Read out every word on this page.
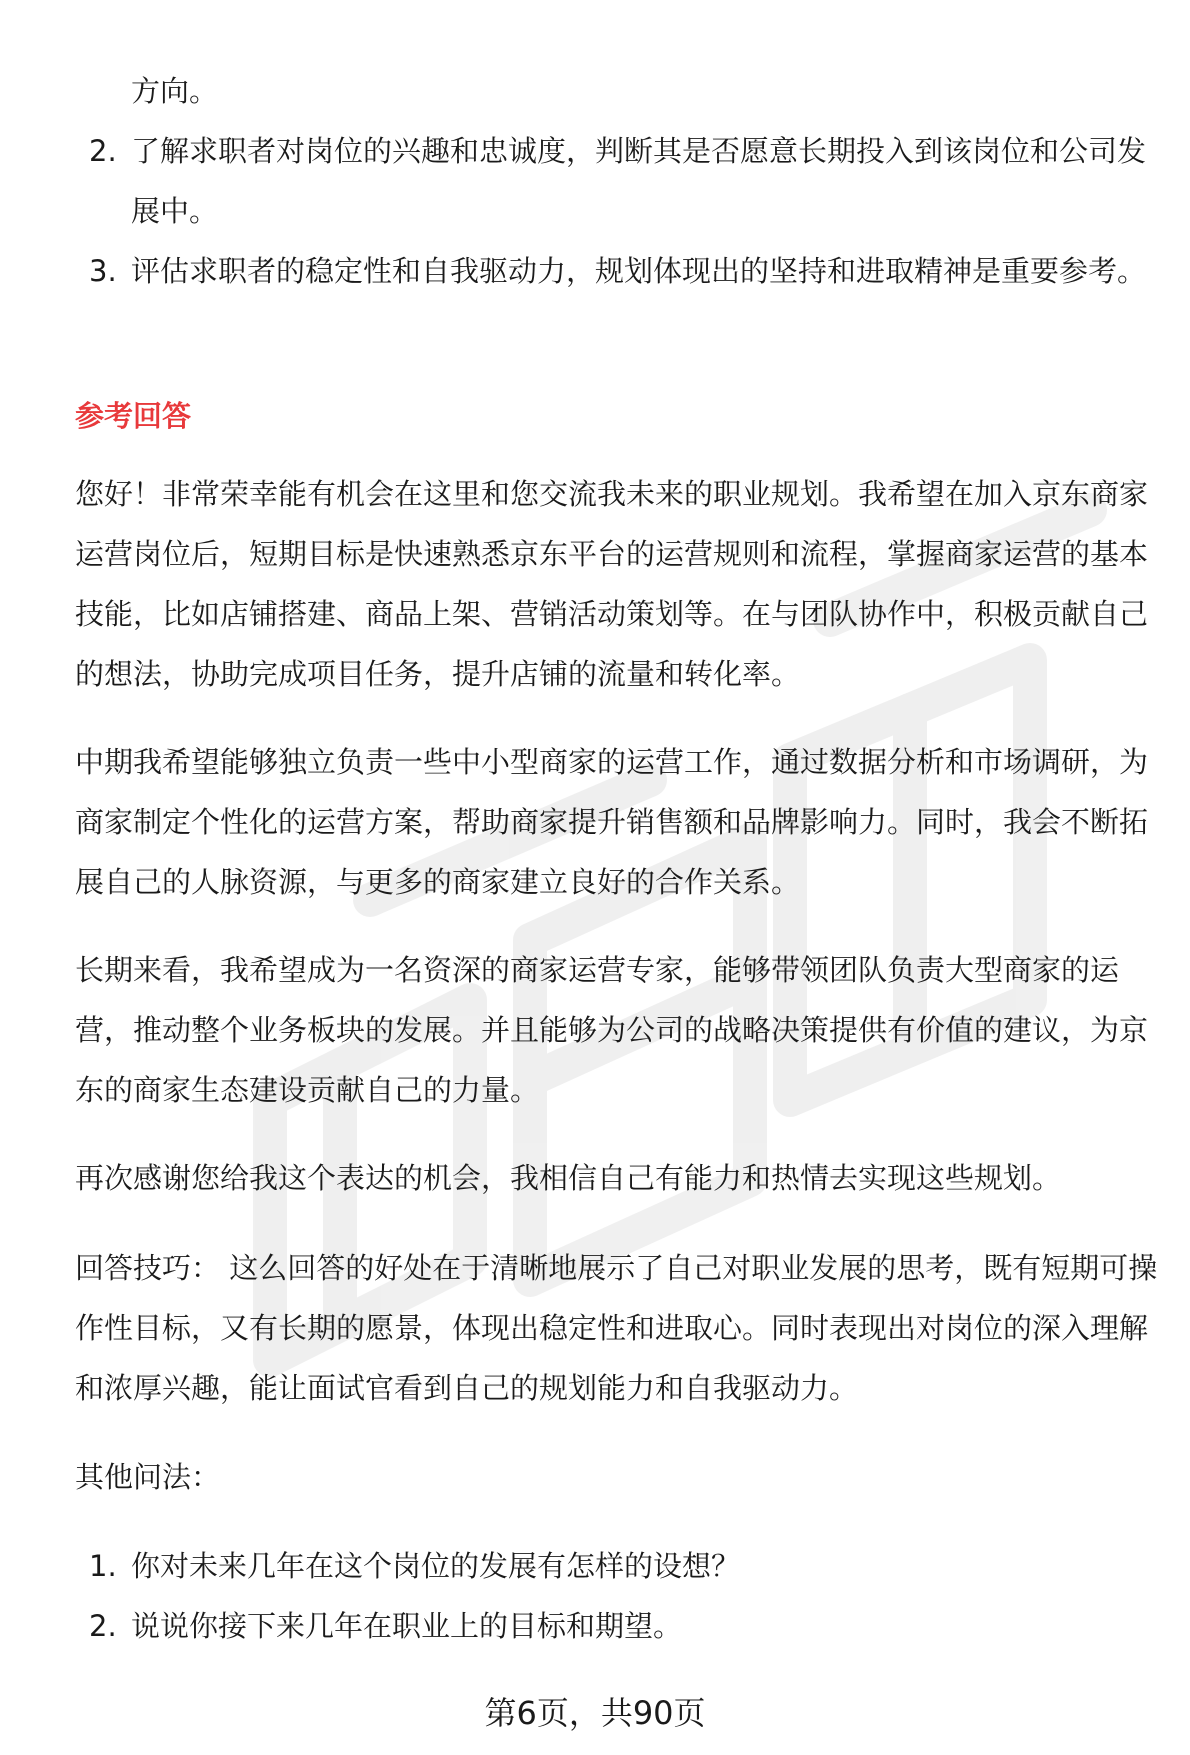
方向。
2. 了解求职者对岗位的兴趣和忠诚度，判断其是否愿意长期投入到该岗位和公司发展中。
3. 评估求职者的稳定性和自我驱动力，规划体现出的坚持和进取精神是重要参考。
参考回答
您好！非常荣幸能有机会在这里和您交流我未来的职业规划。我希望在加入京东商家运营岗位后，短期目标是快速熟悉京东平台的运营规则和流程，掌握商家运营的基本技能，比如店铺搭建、商品上架、营销活动策划等。在与团队协作中，积极贡献自己的想法，协助完成项目任务，提升店铺的流量和转化率。
中期我希望能够独立负责一些中小型商家的运营工作，通过数据分析和市场调研，为商家制定个性化的运营方案，帮助商家提升销售额和品牌影响力。同时，我会不断拓展自己的人脉资源，与更多的商家建立良好的合作关系。
长期来看，我希望成为一名资深的商家运营专家，能够带领团队负责大型商家的运营，推动整个业务板块的发展。并且能够为公司的战略决策提供有价值的建议，为京东的商家生态建设贡献自己的力量。
再次感谢您给我这个表达的机会，我相信自己有能力和热情去实现这些规划。
回答技巧： 这么回答的好处在于清晰地展示了自己对职业发展的思考，既有短期可操作性目标，又有长期的愿景，体现出稳定性和进取心。同时表现出对岗位的深入理解和浓厚兴趣，能让面试官看到自己的规划能力和自我驱动力。
其他问法：
1. 你对未来几年在这个岗位的发展有怎样的设想？
2. 说说你接下来几年在职业上的目标和期望。
第6页，共90页
